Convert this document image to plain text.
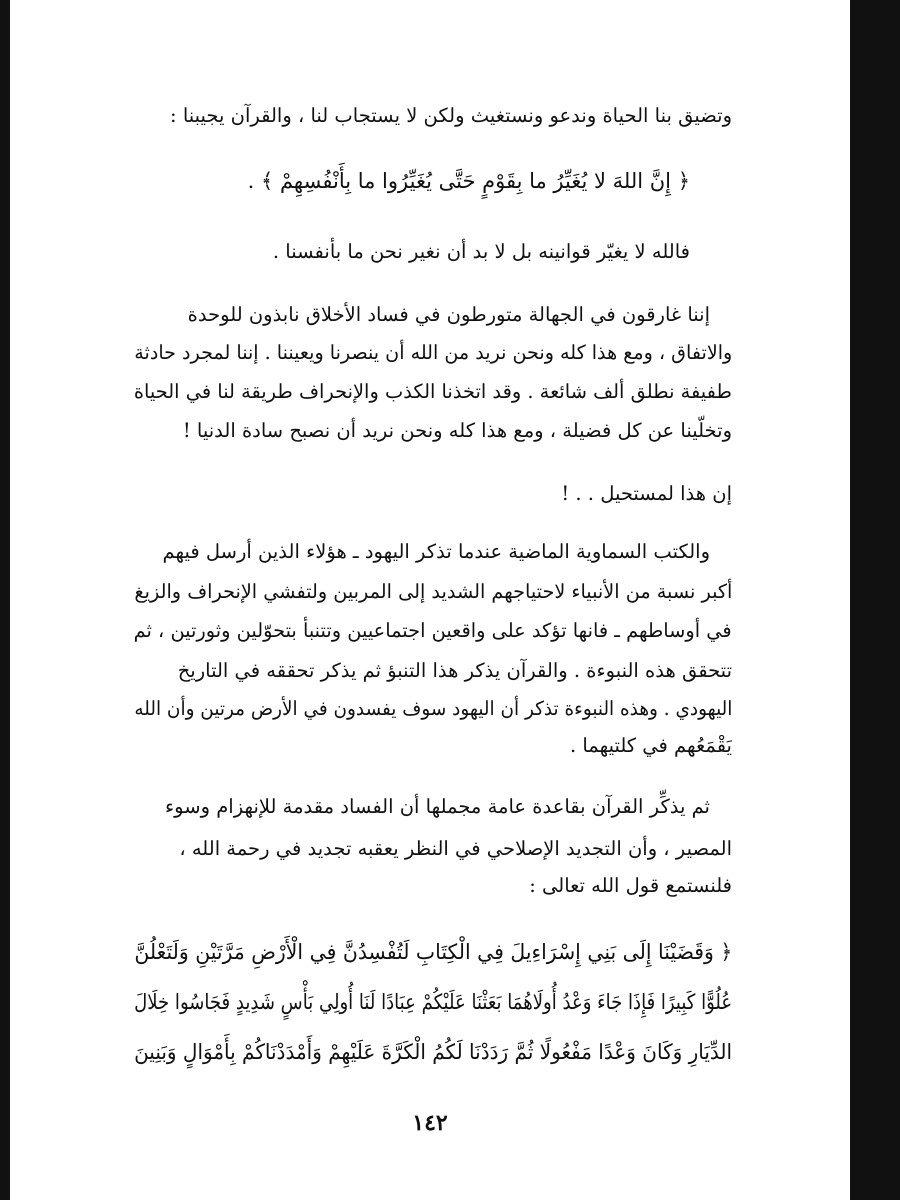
وتضيق بنا الحياة وندعو ونستغيث ولكن لا يستجاب لنا ، والقرآن يجيبنا :
﴿ إِنَّ اللهَ لا يُغَيِّرُ ما بِقَوْمٍ حَتَّى يُغَيِّرُوا ما بِأَنْفُسِهِمْ ﴾ .
فالله لا يغيّر قوانينه بل لا بد أن نغير نحن ما بأنفسنا .
إننا غارقون في الجهالة متورطون في فساد الأخلاق نابذون للوحدة
والاتفاق ، ومع هذا كله ونحن نريد من الله أن ينصرنا ويعيننا . إننا لمجرد حادثة
طفيفة نطلق ألف شائعة . وقد اتخذنا الكذب والإنحراف طريقة لنا في الحياة
وتخلّينا عن كل فضيلة ، ومع هذا كله ونحن نريد أن نصبح سادة الدنيا !
إن هذا لمستحيل . . !
والكتب السماوية الماضية عندما تذكر اليهود ـ هؤلاء الذين أرسل فيهم
أكبر نسبة من الأنبياء لاحتياجهم الشديد إلى المربين ولتفشي الإنحراف والزيغ
في أوساطهم ـ فانها تؤكد على واقعين اجتماعيين وتتنبأ بتحوّلين وثورتين ، ثم
تتحقق هذه النبوءة . والقرآن يذكر هذا التنبؤ ثم يذكر تحققه في التاريخ
اليهودي . وهذه النبوءة تذكر أن اليهود سوف يفسدون في الأرض مرتين وأن الله
يَقْمَعُهم في كلتيهما .
ثم يذكِّر القرآن بقاعدة عامة مجملها أن الفساد مقدمة للإنهزام وسوء
المصير ، وأن التجديد الإصلاحي في النظر يعقبه تجديد في رحمة الله ،
فلنستمع قول الله تعالى :
﴿ وَقَضَيْنَا إِلَى بَنِي إِسْرَاءِيلَ فِي الْكِتَابِ لَتُفْسِدُنَّ فِي الْأَرْضِ مَرَّتَيْنِ وَلَتَعْلُنَّ
عُلُوًّا كَبِيرًا فَإِذَا جَاءَ وَعْدُ أُولَاهُمَا بَعَثْنَا عَلَيْكُمْ عِبَادًا لَنَا أُولِي بَأْسٍ شَدِيدٍ فَجَاسُوا خِلَالَ
الدِّيَارِ وَكَانَ وَعْدًا مَفْعُولًا ثُمَّ رَدَدْنَا لَكُمُ الْكَرَّةَ عَلَيْهِمْ وَأَمْدَدْنَاكُمْ بِأَمْوَالٍ وَبَنِينَ
١٤٢
